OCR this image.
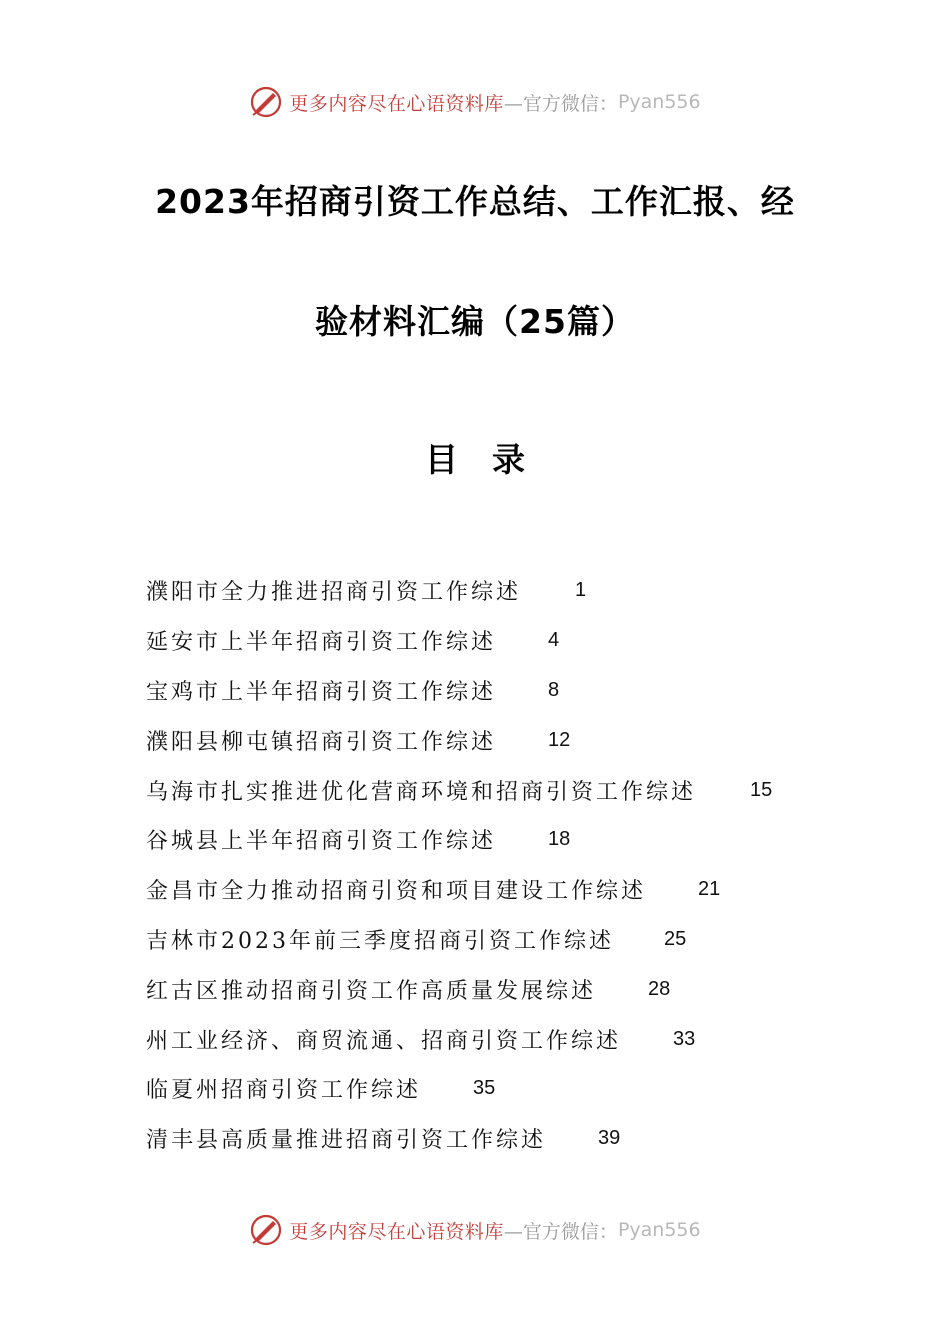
更多内容尽在心语资料库 —官方微信： Pyan556
2023年招商引资工作总结、工作汇报、经
验材料汇编（25篇）
目录
濮阳市全力推进招商引资工作综述	1
延安市上半年招商引资工作综述	4
宝鸡市上半年招商引资工作综述	8
濮阳县柳屯镇招商引资工作综述	12
乌海市扎实推进优化营商环境和招商引资工作综述	15
谷城县上半年招商引资工作综述	18
金昌市全力推动招商引资和项目建设工作综述	21
吉林市2023年前三季度招商引资工作综述	25
红古区推动招商引资工作高质量发展综述	28
州工业经济、商贸流通、招商引资工作综述	33
临夏州招商引资工作综述	35
清丰县高质量推进招商引资工作综述	39
更多内容尽在心语资料库 —官方微信： Pyan556
